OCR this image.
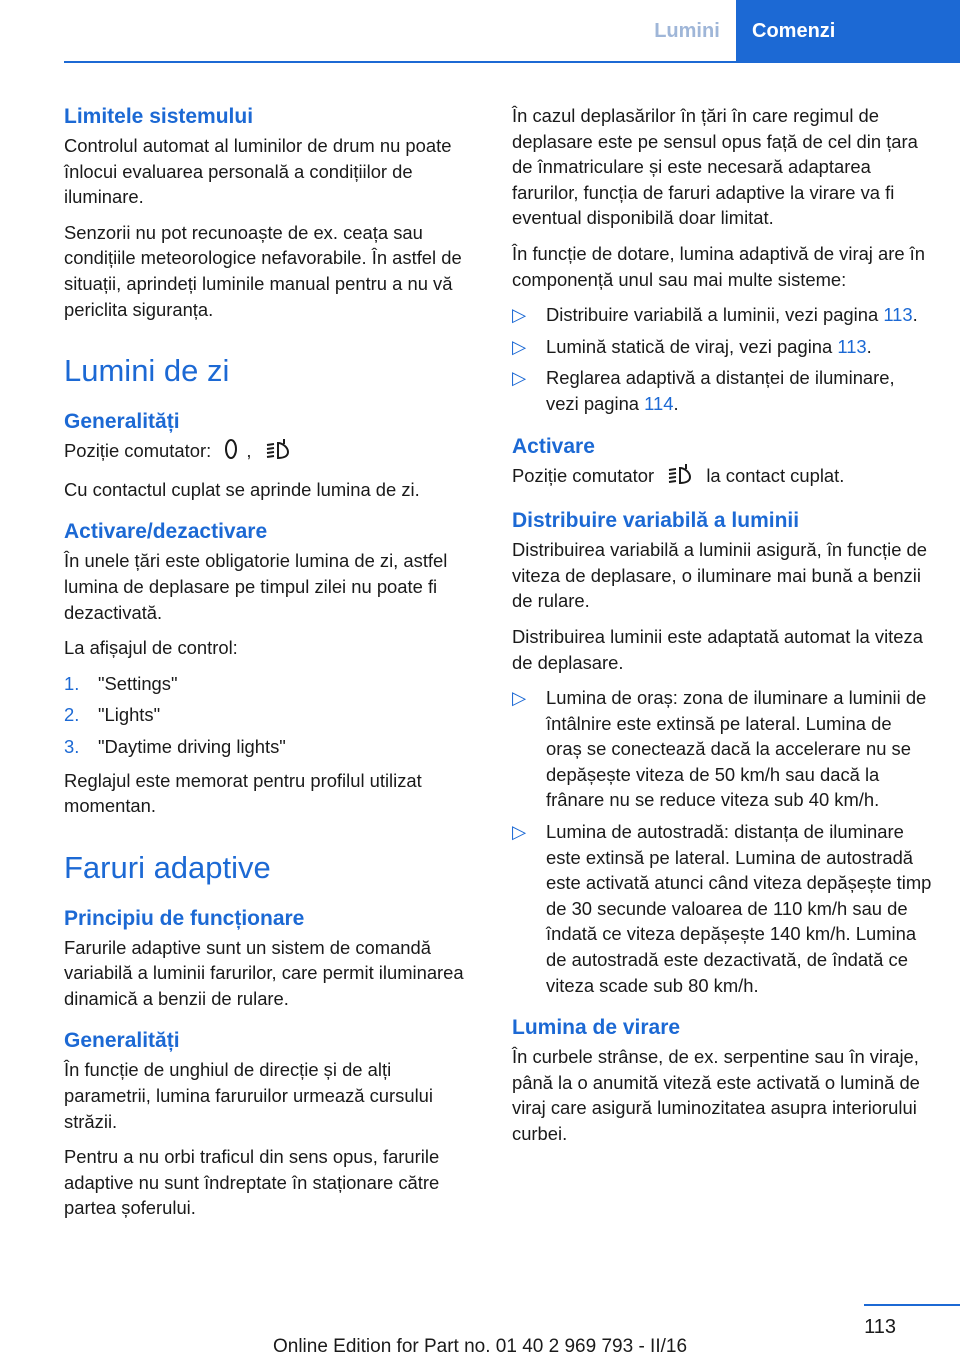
Lumini	Comenzi
Limitele sistemului

Controlul automat al luminilor de drum nu poate înlocui evaluarea personală a condițiilor de iluminare.

Senzorii nu pot recunoaște de ex. ceața sau condițiile meteorologice nefavorabile. În astfel de situații, aprindeți luminile manual pentru a nu vă periclita siguranța.

Lumini de zi
Generalități

Poziție comutator: ,

Cu contactul cuplat se aprinde lumina de zi.

Activare/dezactivare

În unele țări este obligatorie lumina de zi, astfel lumina de deplasare pe timpul zilei nu poate fi dezactivată.

La afișajul de control:

1.	"Settings"
2.	"Lights"
3.	"Daytime driving lights"

Reglajul este memorat pentru profilul utilizat momentan.

Faruri adaptive
Principiu de funcționare

Farurile adaptive sunt un sistem de comandă variabilă a luminii farurilor, care permit iluminarea dinamică a benzii de rulare.

Generalități

În funcție de unghiul de direcție și de alți parametrii, lumina faruruilor urmează cursului străzii.

Pentru a nu orbi traficul din sens opus, farurile adaptive nu sunt îndreptate în staționare către partea șoferului.

În cazul deplasărilor în țări în care regimul de deplasare este pe sensul opus față de cel din țara de înmatriculare și este necesară adaptarea farurilor, funcția de faruri adaptive la virare va fi eventual disponibilă doar limitat.

În funcție de dotare, lumina adaptivă de viraj are în componență unul sau mai multe sisteme:

▷	Distribuire variabilă a luminii, vezi pagina 113.
▷	Lumină statică de viraj, vezi pagina 113.
▷	Reglarea adaptivă a distanței de iluminare, vezi pagina 114.
Activare

Poziție comutator	la contact cuplat.

Distribuire variabilă a luminii

Distribuirea variabilă a luminii asigură, în funcție de viteza de deplasare, o iluminare mai bună a benzii de rulare.

Distribuirea luminii este adaptată automat la viteza de deplasare.

▷	Lumina de oraș: zona de iluminare a luminii de întâlnire este extinsă pe lateral. Lumina de oraș se conectează dacă la accelerare nu se depășește viteza de 50 km/h sau dacă la frânare nu se reduce viteza sub 40 km/h.
▷	Lumina de autostradă: distanța de iluminare este extinsă pe lateral. Lumina de autostradă este activată atunci când viteza depășește timp de 30 secunde valoarea de 110 km/h sau de îndată ce viteza depășește 140 km/h. Lumina de autostradă este dezactivată, de îndată ce viteza scade sub 80 km/h.
Lumina de virare

În curbele strânse, de ex. serpentine sau în viraje, până la o anumită viteză este activată o lumină de viraj care asigură luminozitatea asupra interiorului curbei.

113
Online Edition for Part no. 01 40 2 969 793 - II/16
